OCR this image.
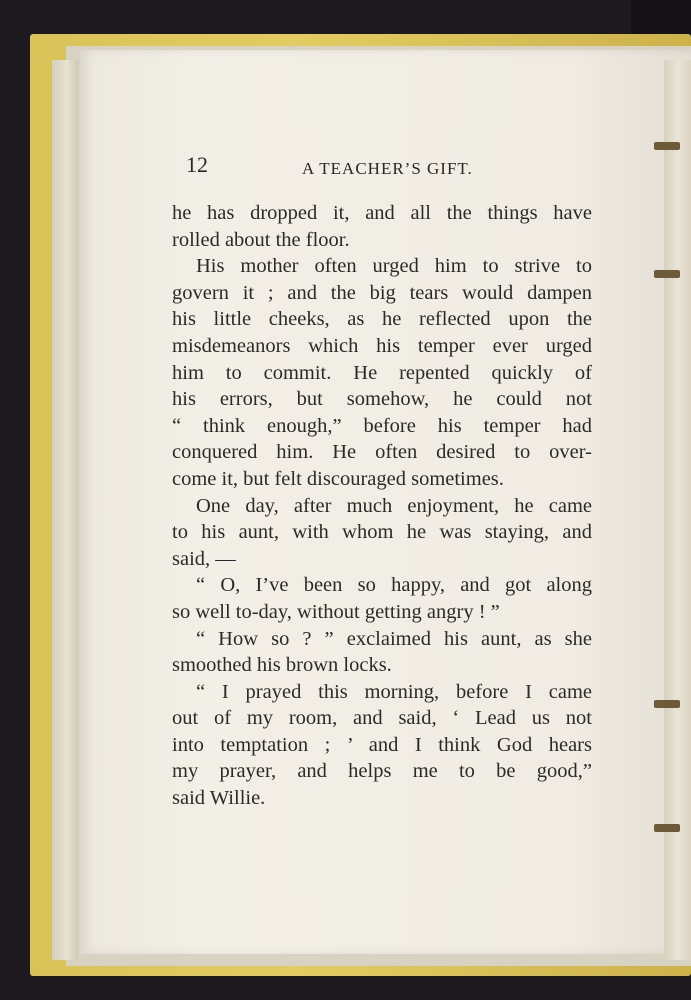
12	A TEACHER’S GIFT.
he has dropped it, and all the things have
rolled about the floor.
His mother often urged him to strive to
govern it ; and the big tears would dampen
his little cheeks, as he reflected upon the
misdemeanors which his temper ever urged
him to commit. He repented quickly of
his errors, but somehow, he could not
“ think enough,” before his temper had
conquered him. He often desired to over-
come it, but felt discouraged sometimes.
One day, after much enjoyment, he came
to his aunt, with whom he was staying, and
said, —
“ O, I’ve been so happy, and got along
so well to-day, without getting angry ! ”
“ How so ? ” exclaimed his aunt, as she
smoothed his brown locks.
“ I prayed this morning, before I came
out of my room, and said, ‘ Lead us not
into temptation ; ’ and I think God hears
my prayer, and helps me to be good,”
said Willie.
